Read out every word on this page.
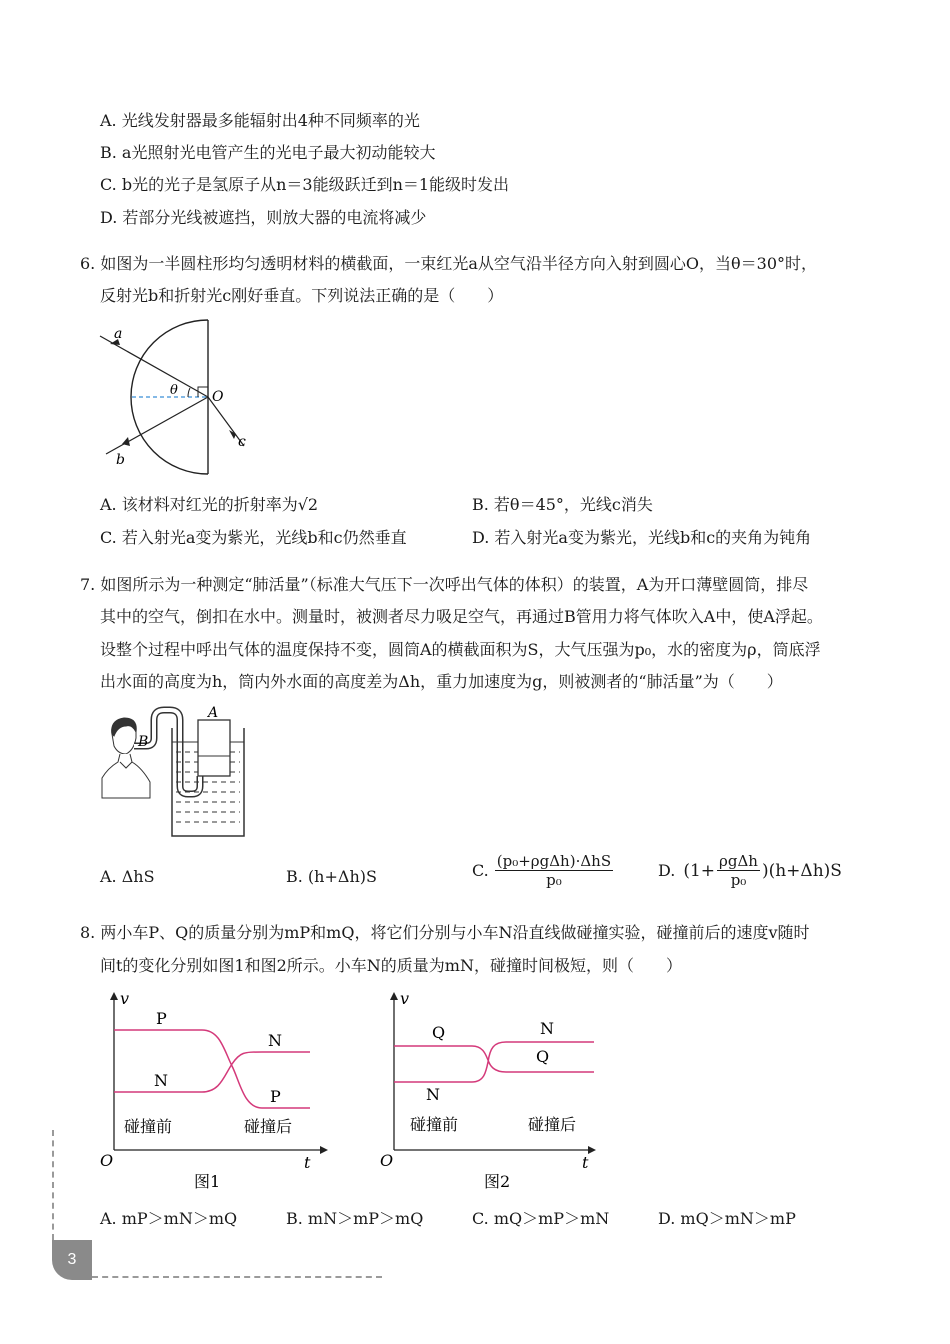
A. 光线发射器最多能辐射出4种不同频率的光
B. a光照射光电管产生的光电子最大初动能较大
C. b光的光子是氢原子从n＝3能级跃迁到n＝1能级时发出
D. 若部分光线被遮挡，则放大器的电流将减少
6. 如图为一半圆柱形均匀透明材料的横截面，一束红光a从空气沿半径方向入射到圆心O，当θ＝30°时，
反射光b和折射光c刚好垂直。下列说法正确的是（　　）
a
b
c
O
θ
A. 该材料对红光的折射率为√2	B. 若θ＝45°，光线c消失
C. 若入射光a变为紫光，光线b和c仍然垂直	D. 若入射光a变为紫光，光线b和c的夹角为钝角
7. 如图所示为一种测定“肺活量”（标准大气压下一次呼出气体的体积）的装置，A为开口薄壁圆筒，排尽
其中的空气，倒扣在水中。测量时，被测者尽力吸足空气，再通过B管用力将气体吹入A中，使A浮起。
设整个过程中呼出气体的温度保持不变，圆筒A的横截面积为S，大气压强为p₀，水的密度为ρ，筒底浮
出水面的高度为h，筒内外水面的高度差为Δh，重力加速度为g，则被测者的“肺活量”为（　　）
A
B
A. ΔhS	B. (h+Δh)S	C. (p₀+ρgΔh)·ΔhS
p₀	D. (1+ ρgΔh
p₀ )(h+Δh)S
8. 两小车P、Q的质量分别为mP和mQ，将它们分别与小车N沿直线做碰撞实验，碰撞前后的速度v随时
间t的变化分别如图1和图2所示。小车N的质量为mN，碰撞时间极短，则（　　）
v
t
O
P
N
N
P
碰撞前	碰撞后
图1
v
t
O
Q
N
N
Q
碰撞前	碰撞后
图2
A. mP＞mN＞mQ	B. mN＞mP＞mQ	C. mQ＞mP＞mN	D. mQ＞mN＞mP
3
